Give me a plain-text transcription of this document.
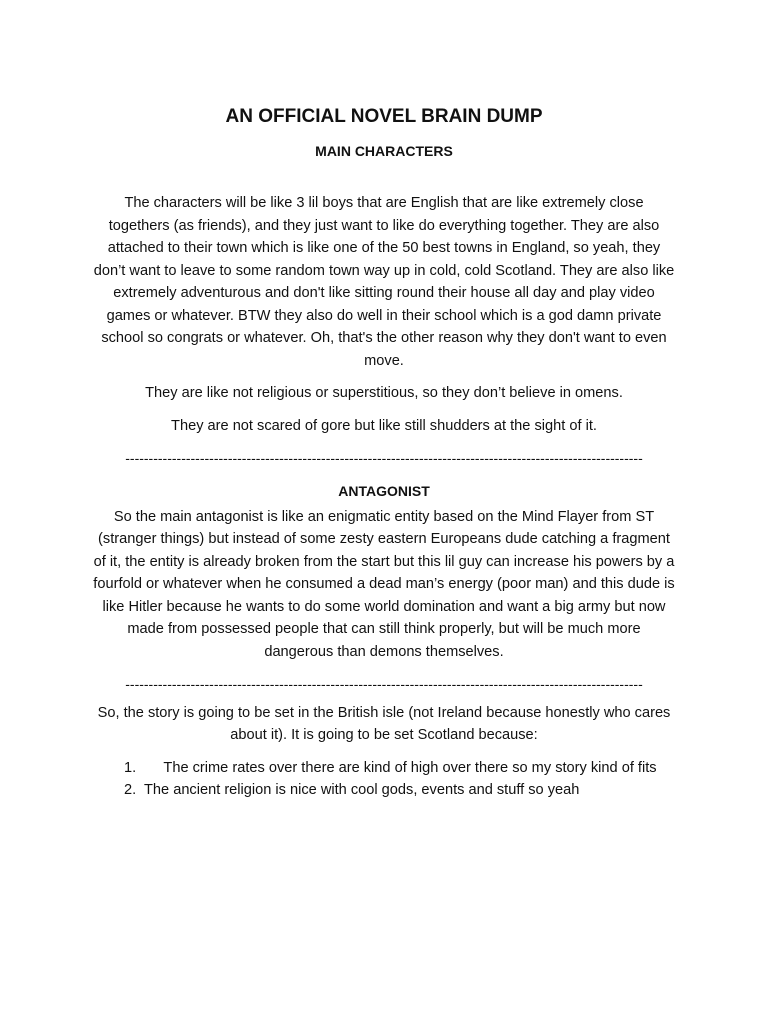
AN OFFICIAL NOVEL BRAIN DUMP
MAIN CHARACTERS

The characters will be like 3 lil boys that are English that are like extremely close togethers (as friends), and they just want to like do everything together. They are also attached to their town which is like one of the 50 best towns in England, so yeah, they don’t want to leave to some random town way up in cold, cold Scotland. They are also like extremely adventurous and don't like sitting round their house all day and play video games or whatever. BTW they also do well in their school which is a god damn private school so congrats or whatever. Oh, that's the other reason why they don't want to even move.

They are like not religious or superstitious, so they don’t believe in omens.

They are not scared of gore but like still shudders at the sight of it.

---------------------------------------------------------------------------------------------------------------
ANTAGONIST

So the main antagonist is like an enigmatic entity based on the Mind Flayer from ST (stranger things) but instead of some zesty eastern Europeans dude catching a fragment of it, the entity is already broken from the start but this lil guy can increase his powers by a fourfold or whatever when he consumed a dead man’s energy (poor man) and this dude is like Hitler because he wants to do some world domination and want a big army but now made from possessed people that can still think properly, but will be much more dangerous than demons themselves.

---------------------------------------------------------------------------------------------------------------

So, the story is going to be set in the British isle (not Ireland because honestly who cares about it). It is going to be set Scotland because:

1.	The crime rates over there are kind of high over there so my story kind of fits
2. The ancient religion is nice with cool gods, events and stuff so yeah
